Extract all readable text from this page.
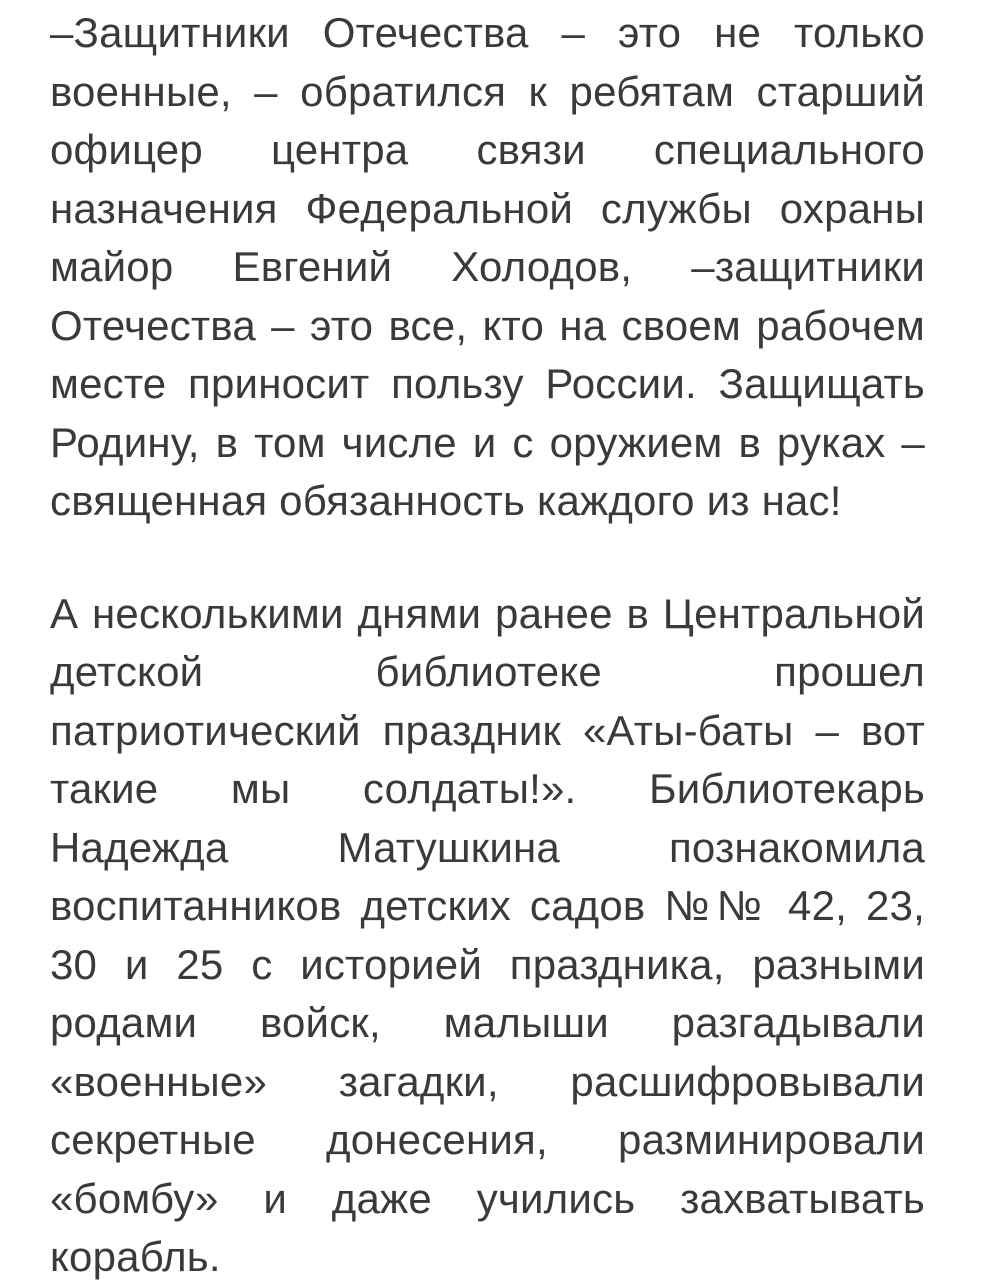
–Защитники Отечества – это не только военные, – обратился к ребятам старший офицер центра связи специального назначения Федеральной службы охраны майор Евгений Холодов, –защитники Отечества – это все, кто на своем рабочем месте приносит пользу России. Защищать Родину, в том числе и с оружием в руках – священная обязанность каждого из нас!

А несколькими днями ранее в Центральной детской библиотеке прошел патриотический праздник «Аты-баты – вот такие мы солдаты!». Библиотекарь Надежда Матушкина познакомила воспитанников детских садов №№ 42, 23, 30 и 25 с историей праздника, разными родами войск, малыши разгадывали «военные» загадки, расшифровывали секретные донесения, разминировали «бомбу» и даже учились захватывать корабль.
